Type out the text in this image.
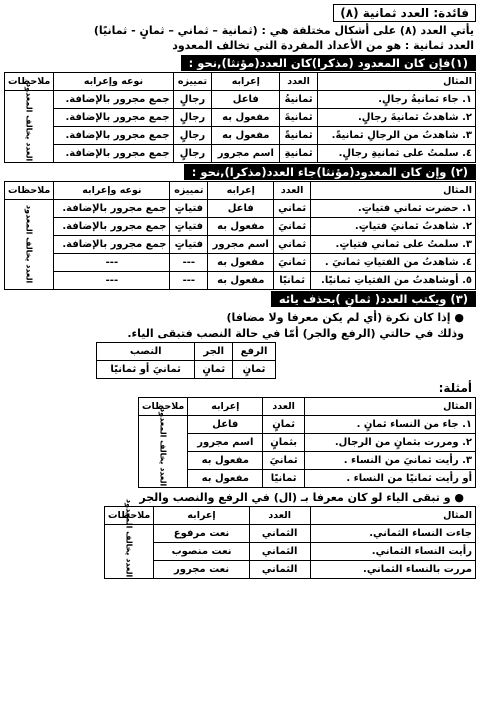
فائدة: العدد ثمانية (٨)
يأتي العدد (٨) على أشكال مختلفة هي : (ثمانية – ثماني – ثمانٍ - ثمانيًا)
العدد ثمانية : هو من الأعداد المفردة التي تخالف المعدود
(١)فإن كان المعدود (مذكرا)كان العدد(مؤنثا),نحو :
المثال	العدد	إعرابه	تمييزه	نوعه وإعرابه	ملاحظات
١. جاء ثمانيةُ رجالٍ.	ثمانيةُ	فاعل	رجالٍ	جمع مجرور بالإضافة.	العدد يخالف المعدود
٢. شاهدتُ ثمانيةَ رجالٍ.	ثمانيةَ	مفعول به	رجالٍ	جمع مجرور بالإضافة.	
٣. شاهدتُ من الرجالِ ثمانيةً.	ثمانيةً	مفعول به	رجالٍ	جمع مجرور بالإضافة.	
٤. سلمتُ على ثمانيةِ رجالٍ.	ثمانيةِ	اسم مجرور	رجالٍ	جمع مجرور بالإضافة.	
(٢) وإن كان المعدود(مؤنثا)جاء العدد(مذكرا),نحو :
المثال	العدد	إعرابه	تمييزه	نوعه وإعرابه	ملاحظات
١. حضرت ثماني فتياتٍ.	ثماني	فاعل	فتياتٍ	جمع مجرور بالإضافة.	العدد يخالف المعدود
٢. شاهدتُ ثمانيَ فتياتٍ.	ثمانيَ	مفعول به	فتياتٍ	جمع مجرور بالإضافة.	
٣. سلمتُ على ثماني فتياتٍ.	ثماني	اسم مجرور	فتياتٍ	جمع مجرور بالإضافة.	
٤. شاهدتُ من الفتياتِ ثمانيَ .	ثمانيَ	مفعول به	---	---	
٥. أوشاهدتُ من الفتياتِ ثمانيًا.	ثمانيًا	مفعول به	---	---	
(٣) ويكتب العدد( ثمانٍ )بحذف يائه
● إذا كان نكرة (أي لم يكن معرفا ولا مضافا)
وذلك في حالتي (الرفع والجر) أمّا في حالة النصب فتبقى الياء.
الرفع	الجر	النصب
ثمانٍ	ثمانٍ	ثمانيَ أو ثمانيًا
أمثلة:
المثال	العدد	إعرابه	ملاحظات
١. جاء من النساء ثمانٍ .	ثمانٍ	فاعل	العدد يخالف المعدود
٢. ومررت بثمانٍ من الرجال.	بثمانٍ	اسم مجرور	
٣. رأيت ثمانيَ من النساء .	ثمانيَ	مفعول به	
أو رأيت ثمانيًا من النساء .	ثمانيًا	مفعول به	
● و تبقى الياء لو كان معرفا بـ (ال) في الرفع والنصب والجر
المثال	العدد	إعرابه	ملاحظات
جاءت النساء الثماني.	الثماني	نعت مرفوع	العدد يخالف المعدود
رأيت النساء الثماني.	الثماني	نعت منصوب	
مررت بالنساء الثماني.	الثماني	نعت مجرور	
